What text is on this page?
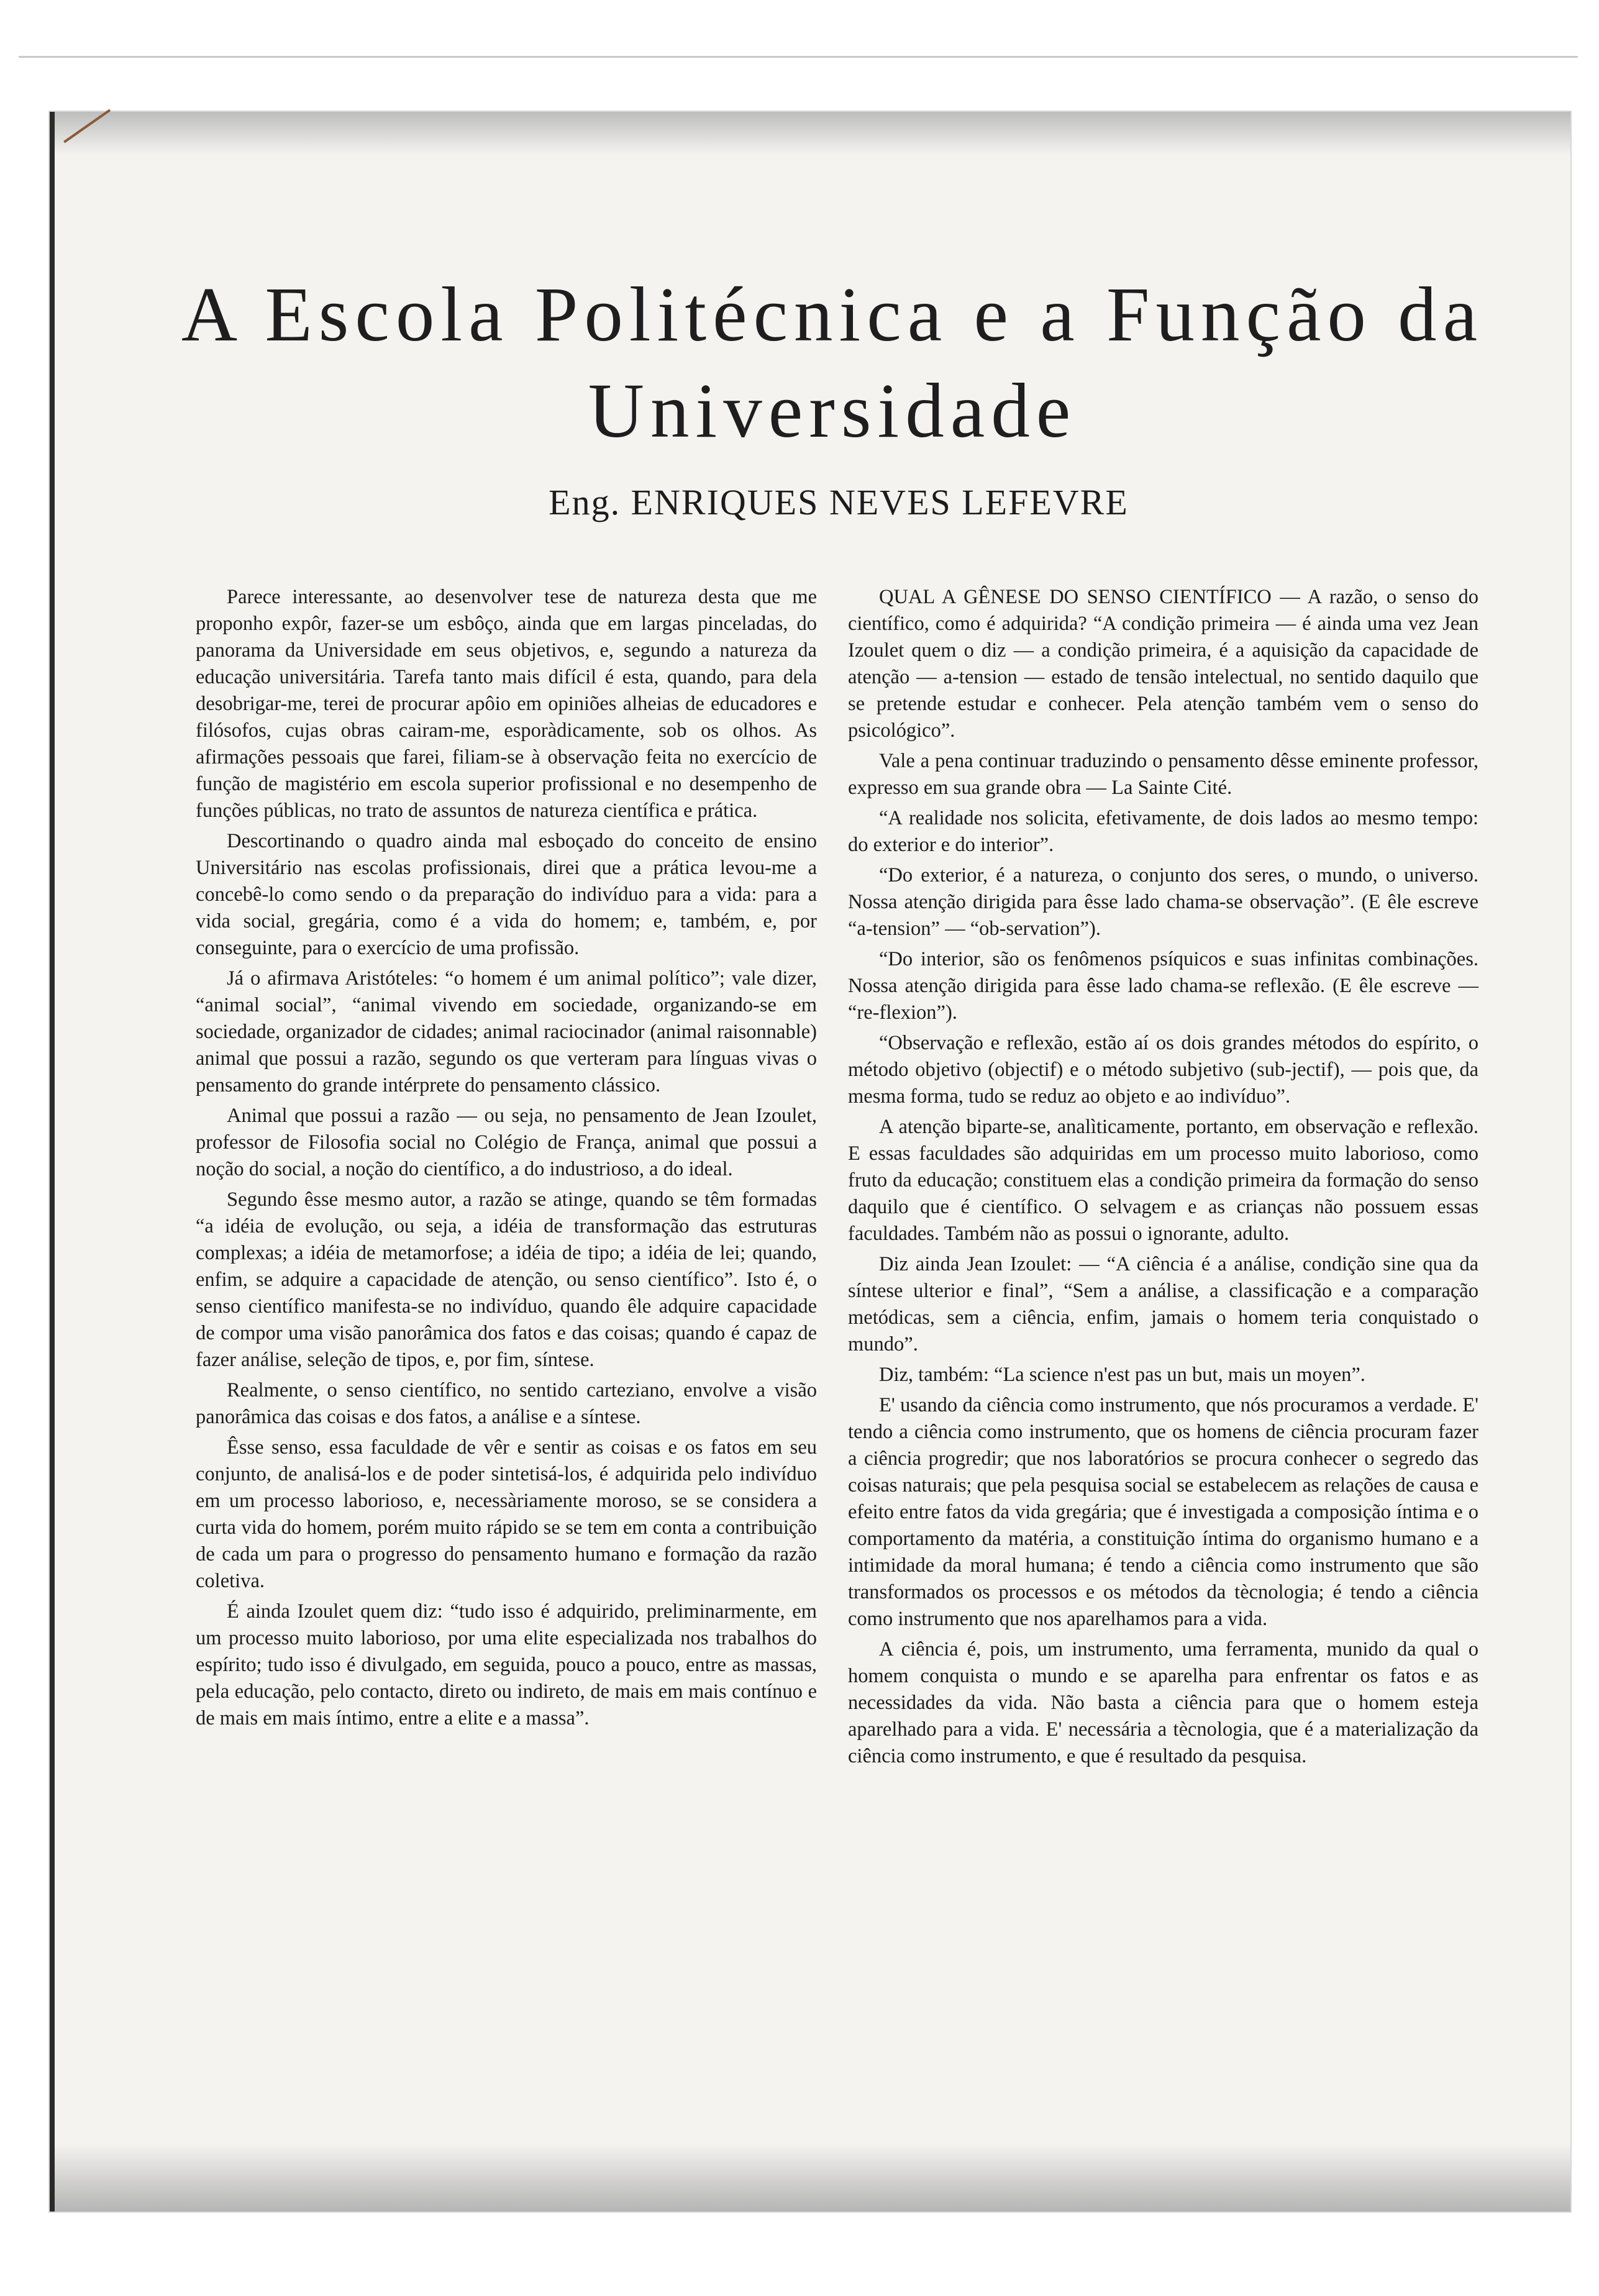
A Escola Politécnica e a Função da Universidade
Eng. ENRIQUES NEVES LEFEVRE

Parece interessante, ao desenvolver tese de natureza desta que me proponho expôr, fazer-se um esbôço, ainda que em largas pinceladas, do panorama da Universidade em seus objetivos, e, segundo a natureza da educação universitária. Tarefa tanto mais difícil é esta, quando, para dela desobrigar-me, terei de procurar apôio em opiniões alheias de educadores e filósofos, cujas obras cairam-me, esporàdicamente, sob os olhos. As afirmações pessoais que farei, filiam-se à observação feita no exercício de função de magistério em escola superior profissional e no desempenho de funções públicas, no trato de assuntos de natureza científica e prática.

Descortinando o quadro ainda mal esboçado do conceito de ensino Universitário nas escolas profissionais, direi que a prática levou-me a concebê-lo como sendo o da preparação do indivíduo para a vida: para a vida social, gregária, como é a vida do homem; e, também, e, por conseguinte, para o exercício de uma profissão.

Já o afirmava Aristóteles: “o homem é um animal político”; vale dizer, “animal social”, “animal vivendo em sociedade, organizando-se em sociedade, organizador de cidades; animal raciocinador (animal raisonnable) animal que possui a razão, segundo os que verteram para línguas vivas o pensamento do grande intérprete do pensamento clássico.

Animal que possui a razão — ou seja, no pensamento de Jean Izoulet, professor de Filosofia social no Colégio de França, animal que possui a noção do social, a noção do científico, a do industrioso, a do ideal.

Segundo êsse mesmo autor, a razão se atinge, quando se têm formadas “a idéia de evolução, ou seja, a idéia de transformação das estruturas complexas; a idéia de metamorfose; a idéia de tipo; a idéia de lei; quando, enfim, se adquire a capacidade de atenção, ou senso científico”. Isto é, o senso científico manifesta-se no indivíduo, quando êle adquire capacidade de compor uma visão panorâmica dos fatos e das coisas; quando é capaz de fazer análise, seleção de tipos, e, por fim, síntese.

Realmente, o senso científico, no sentido carteziano, envolve a visão panorâmica das coisas e dos fatos, a análise e a síntese.

Êsse senso, essa faculdade de vêr e sentir as coisas e os fatos em seu conjunto, de analisá-los e de poder sintetisá-los, é adquirida pelo indivíduo em um processo laborioso, e, necessàriamente moroso, se se considera a curta vida do homem, porém muito rápido se se tem em conta a contribuição de cada um para o progresso do pensamento humano e formação da razão coletiva.

É ainda Izoulet quem diz: “tudo isso é adquirido, preliminarmente, em um processo muito laborioso, por uma elite especializada nos trabalhos do espírito; tudo isso é divulgado, em seguida, pouco a pouco, entre as massas, pela educação, pelo contacto, direto ou indireto, de mais em mais contínuo e de mais em mais íntimo, entre a elite e a massa”.

QUAL A GÊNESE DO SENSO CIENTÍFICO — A razão, o senso do científico, como é adquirida? “A condição primeira — é ainda uma vez Jean Izoulet quem o diz — a condição primeira, é a aquisição da capacidade de atenção — a-tension — estado de tensão intelectual, no sentido daquilo que se pretende estudar e conhecer. Pela atenção também vem o senso do psicológico”.

Vale a pena continuar traduzindo o pensamento dêsse eminente professor, expresso em sua grande obra — La Sainte Cité.

“A realidade nos solicita, efetivamente, de dois lados ao mesmo tempo: do exterior e do interior”.

“Do exterior, é a natureza, o conjunto dos seres, o mundo, o universo. Nossa atenção dirigida para êsse lado chama-se observação”. (E êle escreve “a-tension” — “ob-servation”).

“Do interior, são os fenômenos psíquicos e suas infinitas combinações. Nossa atenção dirigida para êsse lado chama-se reflexão. (E êle escreve — “re-flexion”).

“Observação e reflexão, estão aí os dois grandes métodos do espírito, o método objetivo (objectif) e o método subjetivo (sub-jectif), — pois que, da mesma forma, tudo se reduz ao objeto e ao indivíduo”.

A atenção biparte-se, analìticamente, portanto, em observação e reflexão. E essas faculdades são adquiridas em um processo muito laborioso, como fruto da educação; constituem elas a condição primeira da formação do senso daquilo que é científico. O selvagem e as crianças não possuem essas faculdades. Também não as possui o ignorante, adulto.

Diz ainda Jean Izoulet: — “A ciência é a análise, condição sine qua da síntese ulterior e final”, “Sem a análise, a classificação e a comparação metódicas, sem a ciência, enfim, jamais o homem teria conquistado o mundo”.

Diz, também: “La science n'est pas un but, mais un moyen”.

E' usando da ciência como instrumento, que nós procuramos a verdade. E' tendo a ciência como instrumento, que os homens de ciência procuram fazer a ciência progredir; que nos laboratórios se procura conhecer o segredo das coisas naturais; que pela pesquisa social se estabelecem as relações de causa e efeito entre fatos da vida gregária; que é investigada a composição íntima e o comportamento da matéria, a constituição íntima do organismo humano e a intimidade da moral humana; é tendo a ciência como instrumento que são transformados os processos e os métodos da tècnologia; é tendo a ciência como instrumento que nos aparelhamos para a vida.

A ciência é, pois, um instrumento, uma ferramenta, munido da qual o homem conquista o mundo e se aparelha para enfrentar os fatos e as necessidades da vida. Não basta a ciência para que o homem esteja aparelhado para a vida. E' necessária a tècnologia, que é a materialização da ciência como instrumento, e que é resultado da pesquisa.
